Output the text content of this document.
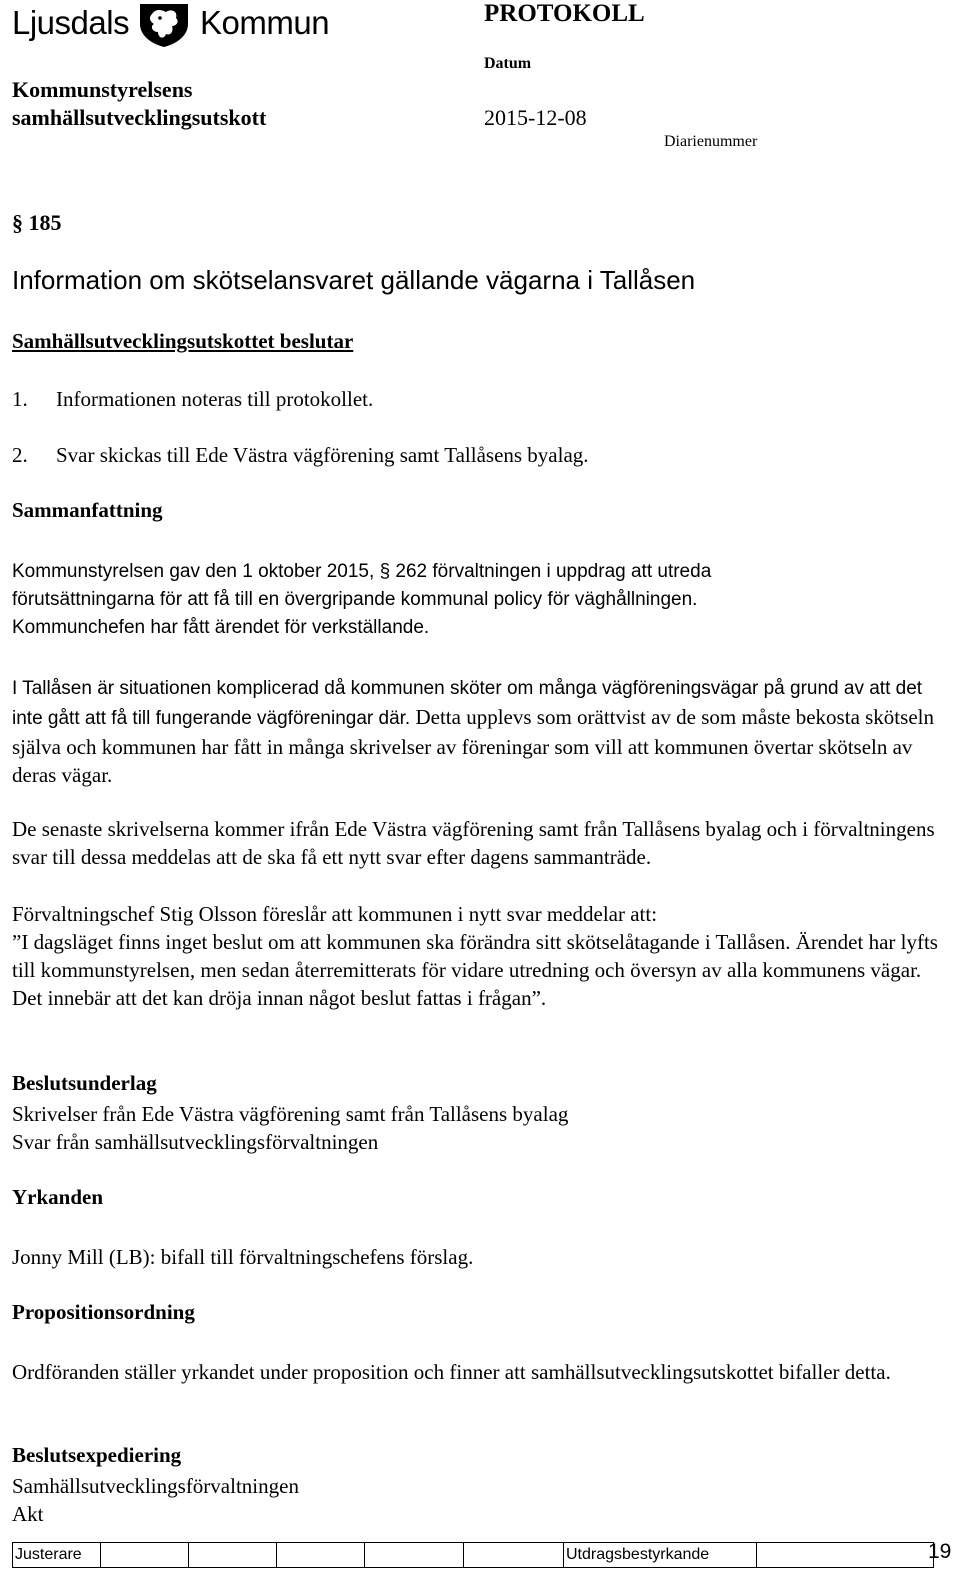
Ljusdals Kommun	PROTOKOLL
Datum
Kommunstyrelsens
samhällsutvecklingsutskott	2015-12-08
Diarienummer
§ 185
Information om skötselansvaret gällande vägarna i Tallåsen
Samhällsutvecklingsutskottet beslutar
1. Informationen noteras till protokollet.
2. Svar skickas till Ede Västra vägförening samt Tallåsens byalag.
Sammanfattning
Kommunstyrelsen gav den 1 oktober 2015, § 262 förvaltningen i uppdrag att utreda
förutsättningarna för att få till en övergripande kommunal policy för väghållningen.
Kommunchefen har fått ärendet för verkställande.
I Tallåsen är situationen komplicerad då kommunen sköter om många vägföreningsvägar på grund av att det inte gått att få till fungerande vägföreningar där. Detta upplevs som orättvist av de som måste bekosta skötseln själva och kommunen har fått in många skrivelser av föreningar som vill att kommunen övertar skötseln av deras vägar.
De senaste skrivelserna kommer ifrån Ede Västra vägförening samt från Tallåsens byalag och i förvaltningens svar till dessa meddelas att de ska få ett nytt svar efter dagens sammanträde.
Förvaltningschef Stig Olsson föreslår att kommunen i nytt svar meddelar att:
”I dagsläget finns inget beslut om att kommunen ska förändra sitt skötselåtagande i Tallåsen. Ärendet har lyfts till kommunstyrelsen, men sedan återremitterats för vidare utredning och översyn av alla kommunens vägar. Det innebär att det kan dröja innan något beslut fattas i frågan”.
Beslutsunderlag
Skrivelser från Ede Västra vägförening samt från Tallåsens byalag
Svar från samhällsutvecklingsförvaltningen
Yrkanden
Jonny Mill (LB): bifall till förvaltningschefens förslag.
Propositionsordning
Ordföranden ställer yrkandet under proposition och finner att samhällsutvecklingsutskottet bifaller detta.
Beslutsexpediering
Samhällsutvecklingsförvaltningen
Akt
Justerare	Utdragsbestyrkande	19
